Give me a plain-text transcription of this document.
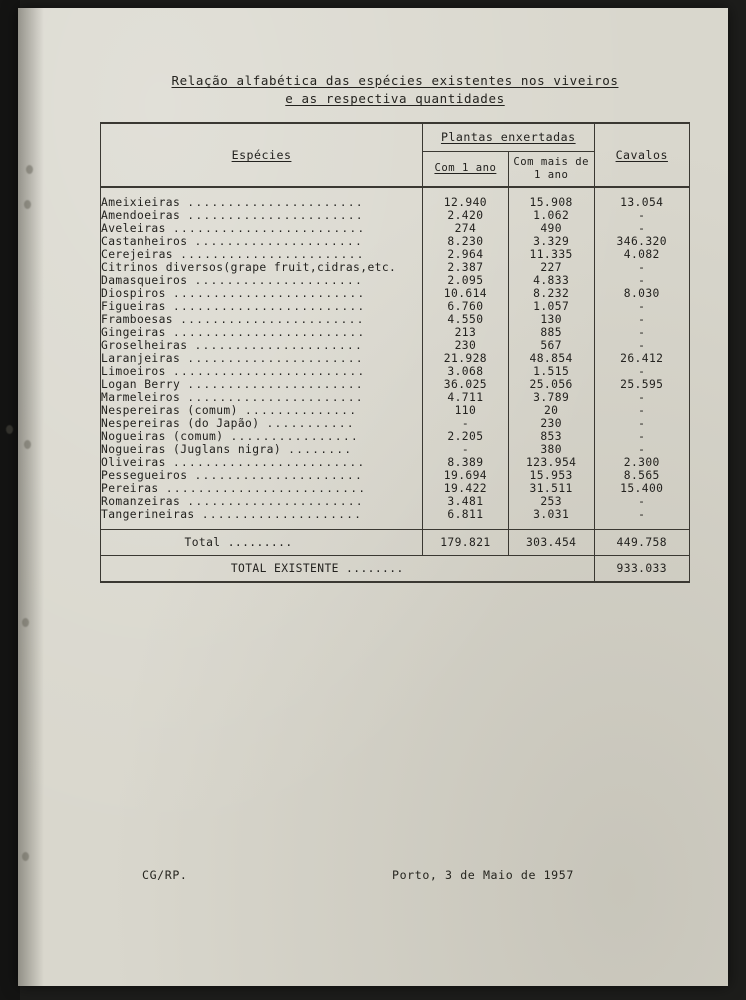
Relação alfabética das espécies existentes nos viveiros
e as respectiva quantidades
Espécies	Plantas enxertadas		Cavalos
	Com 1 ano	Com mais de
1 ano	
Ameixieiras ......................	12.940	15.908	13.054
Amendoeiras ......................	2.420	1.062	-
Aveleiras ........................	274	490	-
Castanheiros .....................	8.230	3.329	346.320
Cerejeiras .......................	2.964	11.335	4.082
Citrinos diversos(grape fruit,cidras,etc.	2.387	227	-
Damasqueiros .....................	2.095	4.833	-
Diospiros ........................	10.614	8.232	8.030
Figueiras ........................	6.760	1.057	-
Framboesas .......................	4.550	130	-
Gingeiras ........................	213	885	-
Groselheiras .....................	230	567	-
Laranjeiras ......................	21.928	48.854	26.412
Limoeiros ........................	3.068	1.515	-
Logan Berry ......................	36.025	25.056	25.595
Marmeleiros ......................	4.711	3.789	-
Nespereiras (comum) ..............	110	20	-
Nespereiras (do Japão) ...........	-	230	-
Nogueiras (comum) ................	2.205	853	-
Nogueiras (Juglans nigra) ........	-	380	-
Oliveiras ........................	8.389	123.954	2.300
Pessegueiros .....................	19.694	15.953	8.565
Pereiras .........................	19.422	31.511	15.400
Romanzeiras ......................	3.481	253	-
Tangerineiras ....................	6.811	3.031	-
Total .........	179.821	303.454	449.758
TOTAL EXISTENTE ........			933.033
CG/RP.	Porto, 3 de Maio de 1957
